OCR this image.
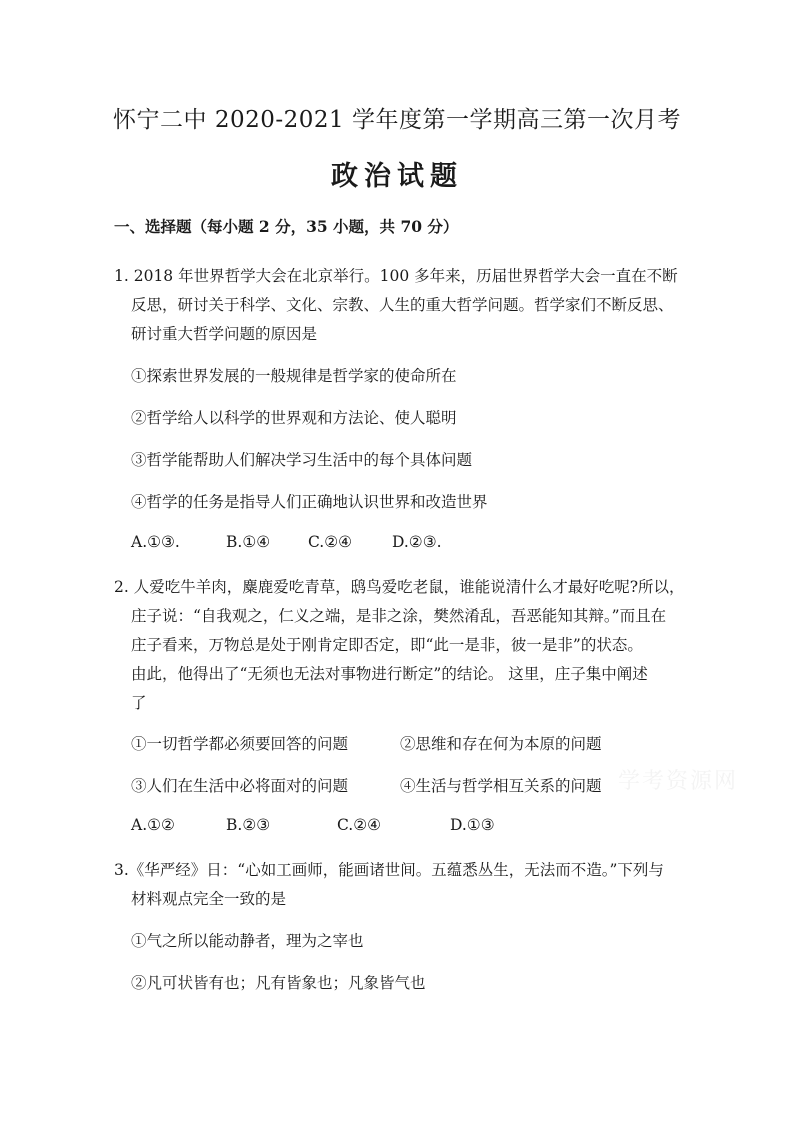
怀宁二中 2020-2021 学年度第一学期高三第一次月考
政治试题
一、选择题（每小题 2 分，35 小题，共 70 分）
1. 2018 年世界哲学大会在北京举行。100 多年来，历届世界哲学大会一直在不断
反思，研讨关于科学、文化、宗教、人生的重大哲学问题。哲学家们不断反思、
研讨重大哲学问题的原因是
①探索世界发展的一般规律是哲学家的使命所在
②哲学给人以科学的世界观和方法论、使人聪明
③哲学能帮助人们解决学习生活中的每个具体问题
④哲学的任务是指导人们正确地认识世界和改造世界
A.①③.	B.①④ C.②④	D.②③.
2. 人爱吃牛羊肉，麋鹿爱吃青草，鸱鸟爱吃老鼠，谁能说清什么才最好吃呢?所以，
庄子说：“自我观之，仁义之端，是非之涂，樊然淆乱，吾恶能知其辩。”而且在
庄子看来，万物总是处于刚肯定即否定，即“此一是非，彼一是非”的状态。
由此，他得出了“无须也无法对事物进行断定”的结论。 这里，庄子集中阐述
了
①一切哲学都必须要回答的问题	②思维和存在何为本原的问题
③人们在生活中必将面对的问题	④生活与哲学相互关系的问题
A.①②	B.②③	C.②④	D.①③
3.《华严经》日：“心如工画师，能画诸世间。五蕴悉丛生，无法而不造。”下列与
材料观点完全一致的是
①气之所以能动静者，理为之宰也
②凡可状皆有也；凡有皆象也；凡象皆气也
学考资源网
